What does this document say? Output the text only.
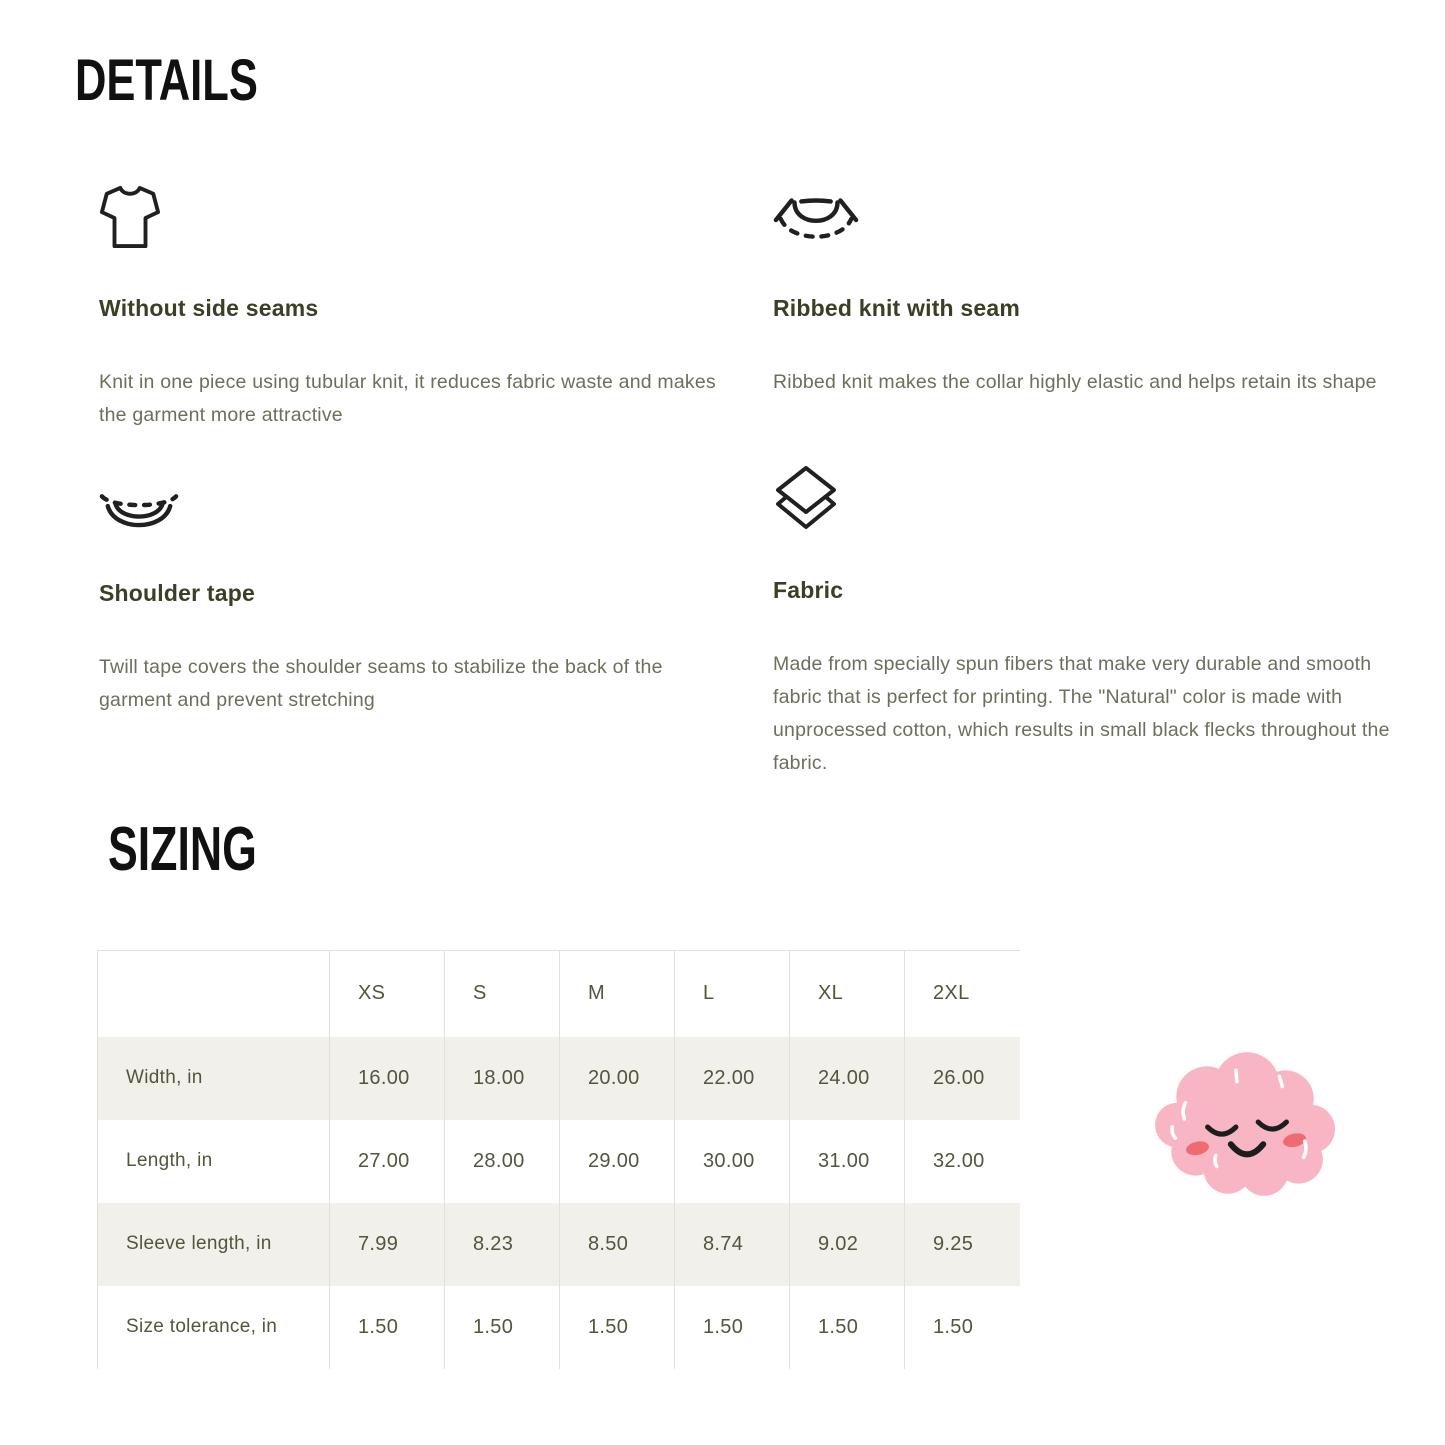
DETAILS
Without side seams

Knit in one piece using tubular knit, it reduces fabric waste and makes the garment more attractive

Ribbed knit with seam

Ribbed knit makes the collar highly elastic and helps retain its shape

Shoulder tape

Twill tape covers the shoulder seams to stabilize the back of the garment and prevent stretching

Fabric

Made from specially spun fibers that make very durable and smooth fabric that is perfect for printing. The "Natural" color is made with unprocessed cotton, which results in small black flecks throughout the fabric.

SIZING
	XS	S	M	L	XL	2XL
Width, in	16.00	18.00	20.00	22.00	24.00	26.00
Length, in	27.00	28.00	29.00	30.00	31.00	32.00
Sleeve length, in	7.99	8.23	8.50	8.74	9.02	9.25
Size tolerance, in	1.50	1.50	1.50	1.50	1.50	1.50
